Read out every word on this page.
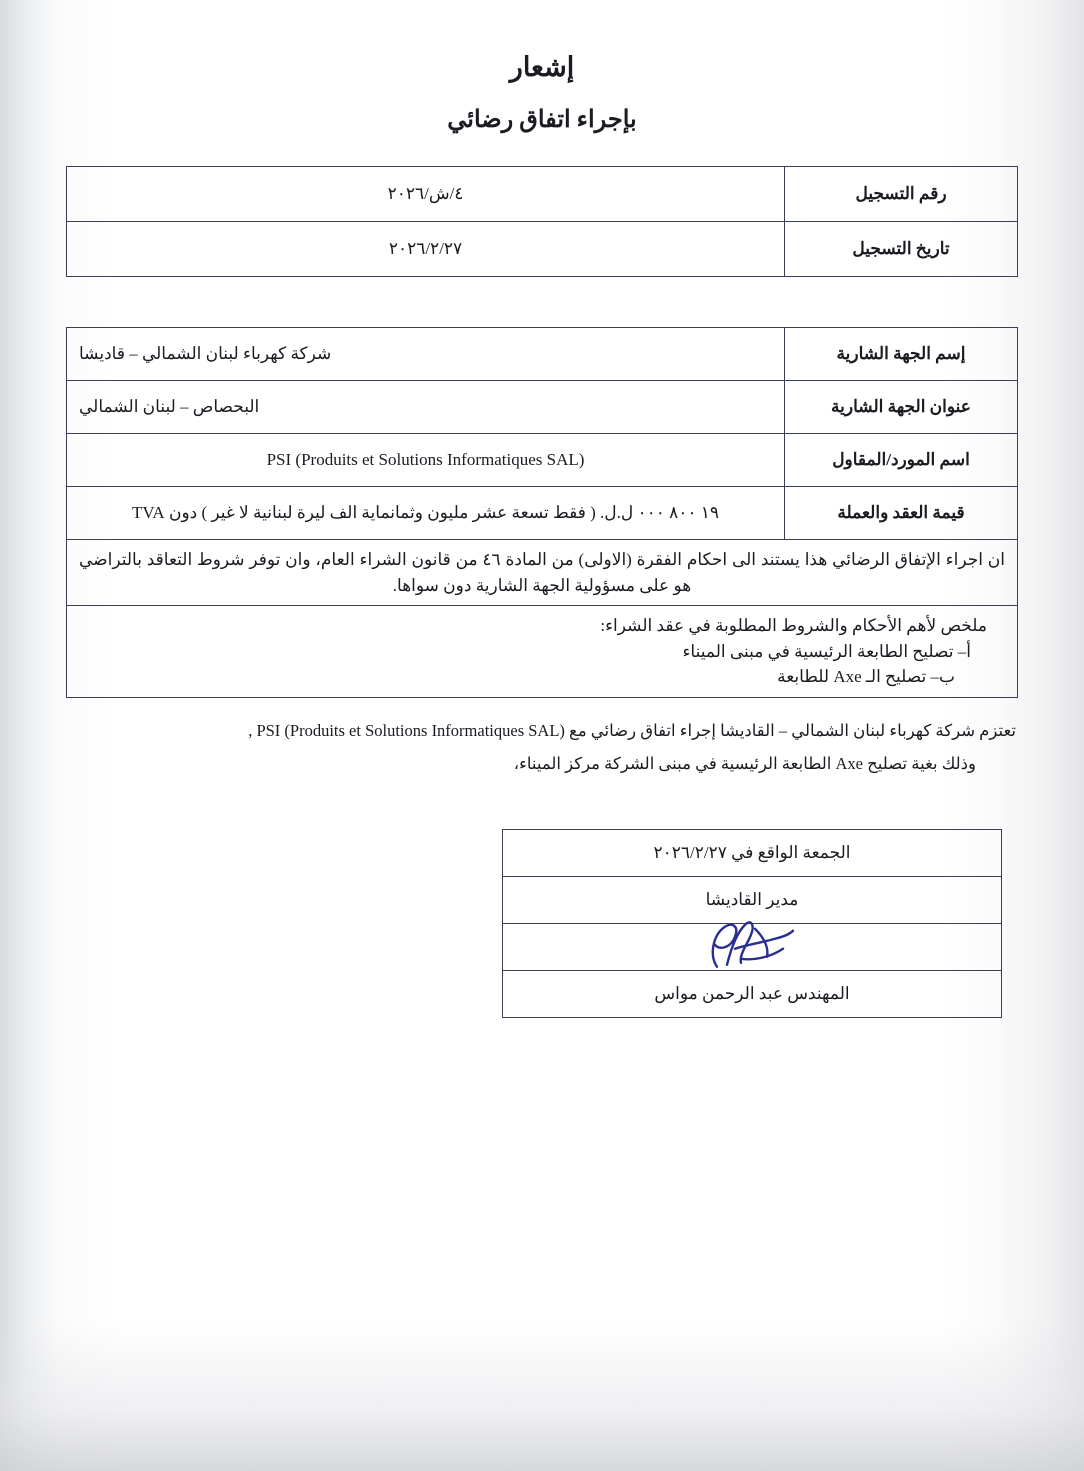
إشعار
بإجراء اتفاق رضائي
رقم التسجيل	٤/ش/٢٠٢٦
تاريخ التسجيل	٢٠٢٦/٢/٢٧
إسم الجهة الشارية	شركة كهرباء لبنان الشمالي – قاديشا
عنوان الجهة الشارية	البحصاص – لبنان الشمالي
اسم المورد/المقاول	PSI (Produits et Solutions Informatiques SAL)
قيمة العقد والعملة	١٩ ٨٠٠ ٠٠٠ ل.ل. ( فقط تسعة عشر مليون وثمانماية الف ليرة لبنانية لا غير ) دون TVA
ان اجراء الإتفاق الرضائي هذا يستند الى احكام الفقرة (الاولى) من المادة ٤٦ من قانون الشراء العام، وان توفر شروط التعاقد بالتراضي هو على مسؤولية الجهة الشارية دون سواها.	

ملخص لأهم الأحكام والشروط المطلوبة في عقد الشراء:
أ– تصليح الطابعة الرئيسية في مبنى الميناء
ب– تصليح الـ Axe للطابعة	
تعتزم شركة كهرباء لبنان الشمالي – القاديشا إجراء اتفاق رضائي مع (PSI (Produits et Solutions Informatiques SAL ,
وذلك بغية تصليح Axe الطابعة الرئيسية في مبنى الشركة مركز الميناء،
الجمعة الواقع في ٢٠٢٦/٢/٢٧
مدير القاديشا

المهندس عبد الرحمن مواس
